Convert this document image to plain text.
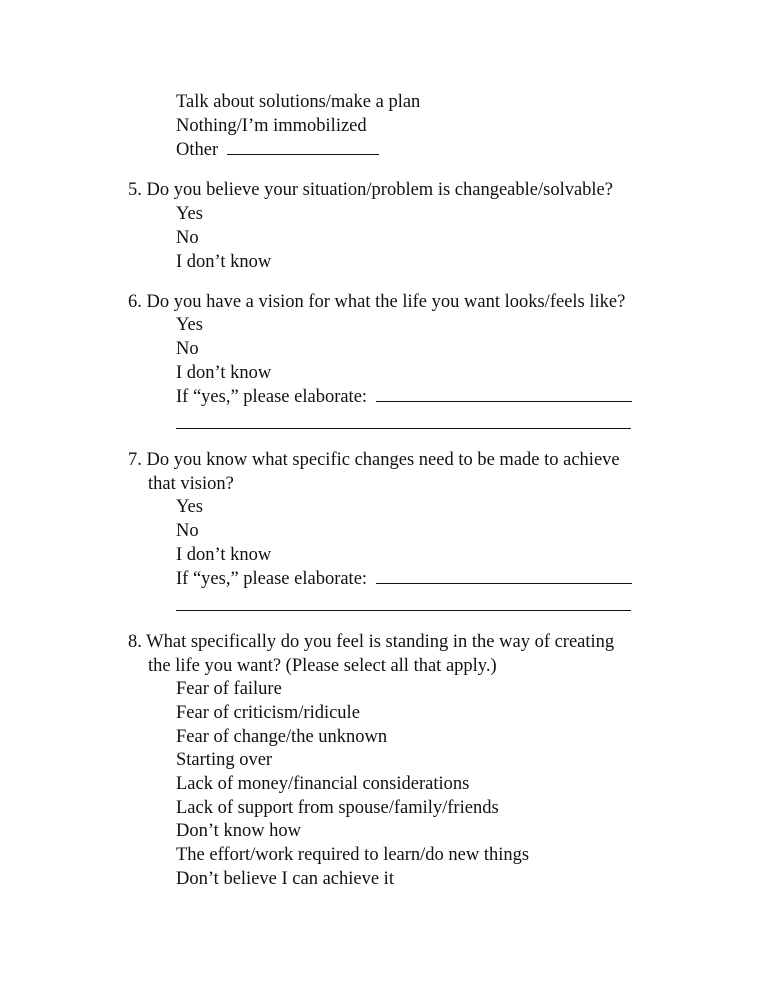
Talk about solutions/make a plan
Nothing/I’m immobilized
Other
5. Do you believe your situation/problem is changeable/solvable?
Yes
No
I don’t know
6. Do you have a vision for what the life you want looks/feels like?
Yes
No
I don’t know
If “yes,” please elaborate:
7. Do you know what specific changes need to be made to achieve
that vision?
Yes
No
I don’t know
If “yes,” please elaborate:
8. What specifically do you feel is standing in the way of creating
the life you want? (Please select all that apply.)
Fear of failure
Fear of criticism/ridicule
Fear of change/the unknown
Starting over
Lack of money/financial considerations
Lack of support from spouse/family/friends
Don’t know how
The effort/work required to learn/do new things
Don’t believe I can achieve it
